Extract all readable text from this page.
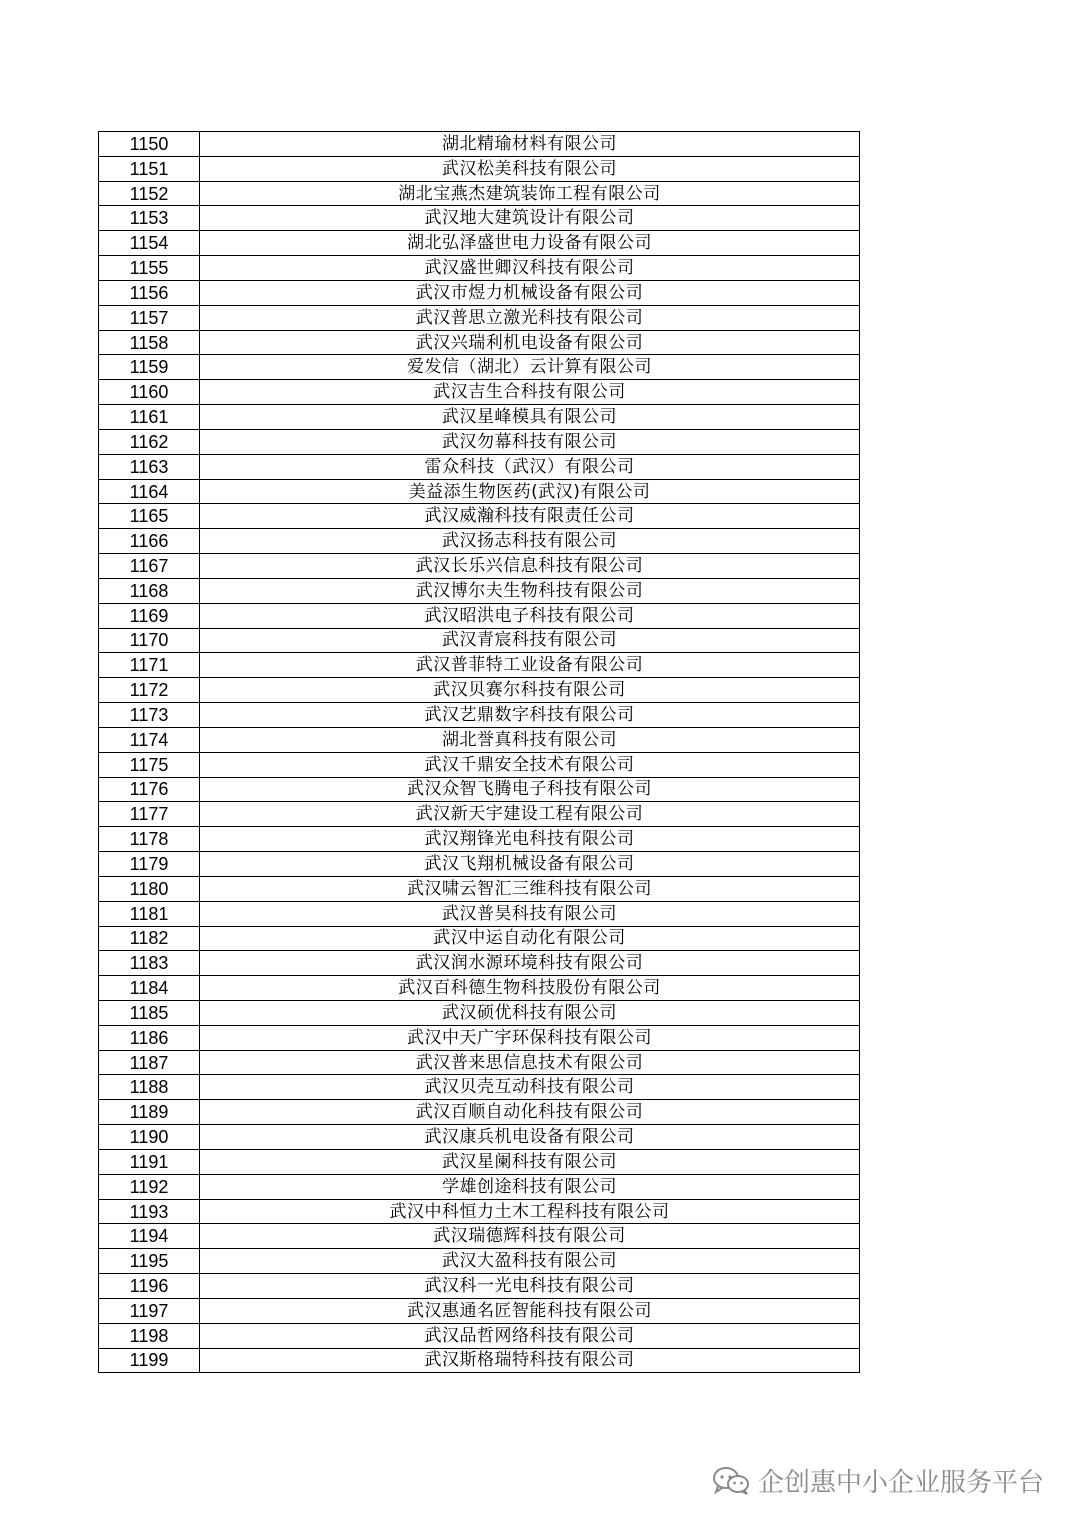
1150	湖北精瑜材料有限公司
1151	武汉松美科技有限公司
1152	湖北宝燕杰建筑装饰工程有限公司
1153	武汉地大建筑设计有限公司
1154	湖北弘泽盛世电力设备有限公司
1155	武汉盛世卿汉科技有限公司
1156	武汉市煜力机械设备有限公司
1157	武汉普思立激光科技有限公司
1158	武汉兴瑞利机电设备有限公司
1159	爱发信（湖北）云计算有限公司
1160	武汉吉生合科技有限公司
1161	武汉星峰模具有限公司
1162	武汉勿幕科技有限公司
1163	雷众科技（武汉）有限公司
1164	美益添生物医药(武汉)有限公司
1165	武汉威瀚科技有限责任公司
1166	武汉扬志科技有限公司
1167	武汉长乐兴信息科技有限公司
1168	武汉博尔夫生物科技有限公司
1169	武汉昭洪电子科技有限公司
1170	武汉青宸科技有限公司
1171	武汉普菲特工业设备有限公司
1172	武汉贝赛尔科技有限公司
1173	武汉艺鼎数字科技有限公司
1174	湖北誉真科技有限公司
1175	武汉千鼎安全技术有限公司
1176	武汉众智飞腾电子科技有限公司
1177	武汉新天宇建设工程有限公司
1178	武汉翔锋光电科技有限公司
1179	武汉飞翔机械设备有限公司
1180	武汉啸云智汇三维科技有限公司
1181	武汉普昊科技有限公司
1182	武汉中运自动化有限公司
1183	武汉润水源环境科技有限公司
1184	武汉百科德生物科技股份有限公司
1185	武汉硕优科技有限公司
1186	武汉中天广宇环保科技有限公司
1187	武汉普来思信息技术有限公司
1188	武汉贝壳互动科技有限公司
1189	武汉百顺自动化科技有限公司
1190	武汉康兵机电设备有限公司
1191	武汉星阑科技有限公司
1192	学雄创途科技有限公司
1193	武汉中科恒力土木工程科技有限公司
1194	武汉瑞德辉科技有限公司
1195	武汉大盈科技有限公司
1196	武汉科一光电科技有限公司
1197	武汉惠通名匠智能科技有限公司
1198	武汉品哲网络科技有限公司
1199	武汉斯格瑞特科技有限公司
企创惠中小企业服务平台
